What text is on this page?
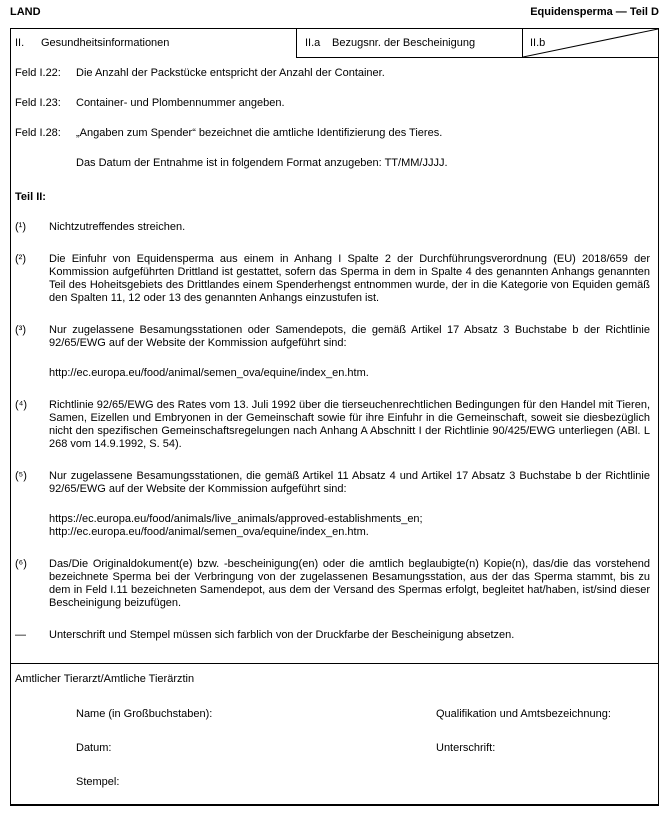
LAND	Equidensperma — Teil D
II. Gesundheitsinformationen	II.a Bezugsnr. der Bescheinigung	II.b
Feld I.22:	Die Anzahl der Packstücke entspricht der Anzahl der Container.
Feld I.23:	Container- und Plombennummer angeben.
Feld I.28:	„Angaben zum Spender“ bezeichnet die amtliche Identifizierung des Tieres.
Das Datum der Entnahme ist in folgendem Format anzugeben: TT/MM/JJJJ.
Teil II:
(¹)	Nichtzutreffendes streichen.

(²)	Die Einfuhr von Equidensperma aus einem in Anhang I Spalte 2 der Durchführungsverordnung (EU) 2018/659 der Kommission aufgeführten Drittland ist gestattet, sofern das Sperma in dem in Spalte 4 des genannten Anhangs genannten Teil des Hoheitsgebiets des Drittlandes einem Spenderhengst entnommen wurde, der in die Kategorie von Equiden gemäß den Spalten 11, 12 oder 13 des genannten Anhangs einzustufen ist.

(³)	Nur zugelassene Besamungsstationen oder Samendepots, die gemäß Artikel 17 Absatz 3 Buchstabe b der Richtlinie 92/65/EWG auf der Website der Kommission aufgeführt sind:

http://ec.europa.eu/food/animal/semen_ova/equine/index_en.htm.

(⁴)	Richtlinie 92/65/EWG des Rates vom 13. Juli 1992 über die tierseuchenrechtlichen Bedingungen für den Handel mit Tieren, Samen, Eizellen und Embryonen in der Gemeinschaft sowie für ihre Einfuhr in die Gemeinschaft, soweit sie diesbezüglich nicht den spezifischen Gemeinschaftsregelungen nach Anhang A Abschnitt I der Richtlinie 90/425/EWG unterliegen (ABl. L 268 vom 14.9.1992, S. 54).

(⁵)	Nur zugelassene Besamungsstationen, die gemäß Artikel 11 Absatz 4 und Artikel 17 Absatz 3 Buchstabe b der Richtlinie 92/65/EWG auf der Website der Kommission aufgeführt sind:

https://ec.europa.eu/food/animals/live_animals/approved-establishments_en;

http://ec.europa.eu/food/animal/semen_ova/equine/index_en.htm.

(⁶)	Das/Die Originaldokument(e) bzw. -bescheinigung(en) oder die amtlich beglaubigte(n) Kopie(n), das/die das vorstehend bezeichnete Sperma bei der Verbringung von der zugelassenen Besamungsstation, aus der das Sperma stammt, bis zu dem in Feld I.11 bezeichneten Samendepot, aus dem der Versand des Spermas erfolgt, begleitet hat/haben, ist/sind dieser Bescheinigung beizufügen.

—	Unterschrift und Stempel müssen sich farblich von der Druckfarbe der Bescheinigung absetzen.

Amtlicher Tierarzt/Amtliche Tierärztin
Name (in Großbuchstaben):	Qualifikation und Amtsbezeichnung:
Datum:	Unterschrift:
Stempel:
